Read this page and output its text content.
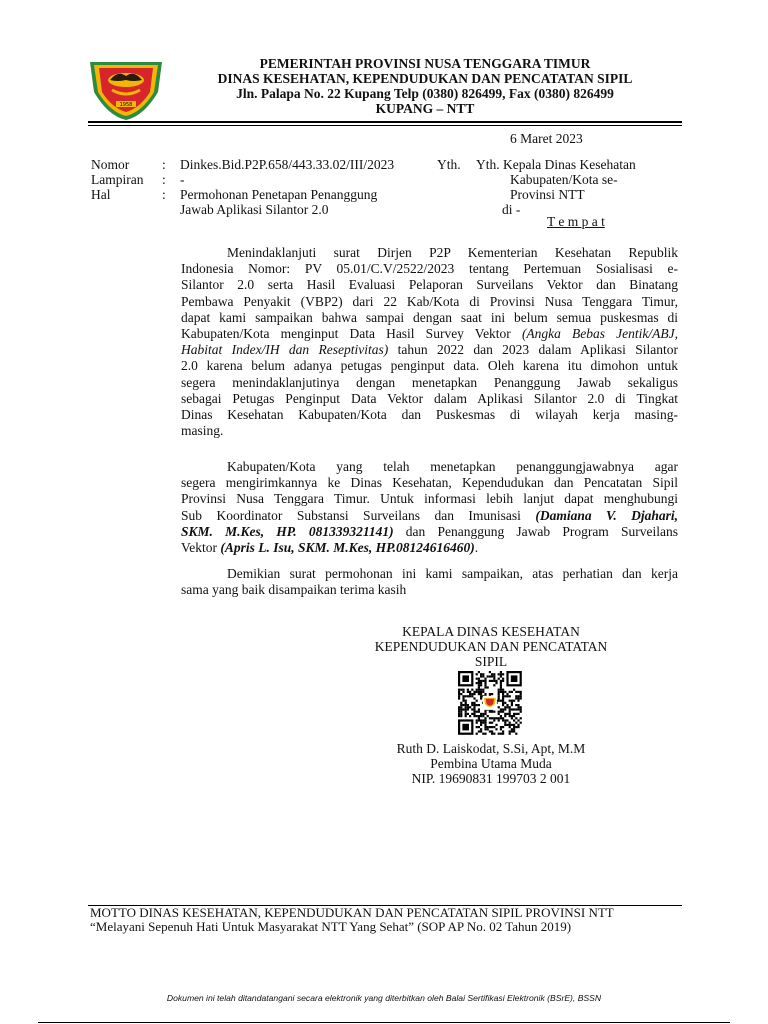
1958
PEMERINTAH PROVINSI NUSA TENGGARA TIMUR
DINAS KESEHATAN, KEPENDUDUKAN DAN PENCATATAN SIPIL
Jln. Palapa No. 22 Kupang Telp (0380) 826499, Fax (0380) 826499
KUPANG – NTT
6 Maret 2023
Nomor : Dinkes.Bid.P2P.658/443.33.02/III/2023
Lampiran : -
Hal	: Permohonan Penetapan Penanggung
Jawab Aplikasi Silantor 2.0
Yth. Yth. Kepala Dinas Kesehatan
Kabupaten/Kota se-
Provinsi NTT
di -
T e m p a t
Menindaklanjuti surat Dirjen P2P Kementerian Kesehatan Republik
Indonesia Nomor: PV 05.01/C.V/2522/2023 tentang Pertemuan Sosialisasi e-
Silantor 2.0 serta Hasil Evaluasi Pelaporan Surveilans Vektor dan Binatang
Pembawa Penyakit (VBP2) dari 22 Kab/Kota di Provinsi Nusa Tenggara Timur,
dapat kami sampaikan bahwa sampai dengan saat ini belum semua puskesmas di
Kabupaten/Kota menginput Data Hasil Survey Vektor (Angka Bebas Jentik/ABJ,
Habitat Index/IH dan Reseptivitas) tahun 2022 dan 2023 dalam Aplikasi Silantor
2.0 karena belum adanya petugas penginput data. Oleh karena itu dimohon untuk
segera menindaklanjutinya dengan menetapkan Penanggung Jawab sekaligus
sebagai Petugas Penginput Data Vektor dalam Aplikasi Silantor 2.0 di Tingkat
Dinas Kesehatan Kabupaten/Kota dan Puskesmas di wilayah kerja masing-
masing.
Kabupaten/Kota yang telah menetapkan penanggungjawabnya agar
segera mengirimkannya ke Dinas Kesehatan, Kependudukan dan Pencatatan Sipil
Provinsi Nusa Tenggara Timur. Untuk informasi lebih lanjut dapat menghubungi
Sub Koordinator Substansi Surveilans dan Imunisasi (Damiana V. Djahari,
SKM. M.Kes, HP. 081339321141) dan Penanggung Jawab Program Surveilans
Vektor (Apris L. Isu, SKM. M.Kes, HP.08124616460).
Demikian surat permohonan ini kami sampaikan, atas perhatian dan kerja
sama yang baik disampaikan terima kasih
KEPALA DINAS KESEHATAN
KEPENDUDUKAN DAN PENCATATAN
SIPIL
Ruth D. Laiskodat, S.Si, Apt, M.M
Pembina Utama Muda
NIP. 19690831 199703 2 001
MOTTO DINAS KESEHATAN, KEPENDUDUKAN DAN PENCATATAN SIPIL PROVINSI NTT
“Melayani Sepenuh Hati Untuk Masyarakat NTT Yang Sehat” (SOP AP No. 02 Tahun 2019)
Dokumen ini telah ditandatangani secara elektronik yang diterbitkan oleh Balai Sertifikasi Elektronik (BSrE), BSSN
